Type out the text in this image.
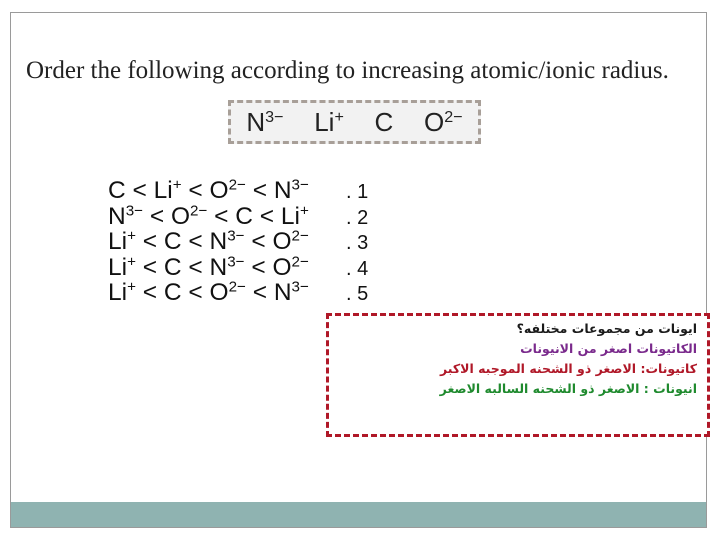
Order the following according to increasing atomic/ionic radius.
$N^{3-}$ Li+ C $O^{2-}$
$C < Li^+ < O^{2-} < N^{3-}$
$N^{3-} < O^{2-} < C < Li^+$
$Li^+ < C < N^{3-} < O^{2-}$
$Li^+ < C < N^{3-} < O^{2-}$
$Li^+ < C < O^{2-} < N^{3-}$
. 1
. 2
. 3
. 4
. 5
ايونات من مجموعات مختلفه؟
الكاتيونات اصغر من الانيونات
كاتيونات: الاصغر ذو الشحنه الموجبه الاكبر
انيونات : الاصغر ذو الشحنه السالبه الاصغر
